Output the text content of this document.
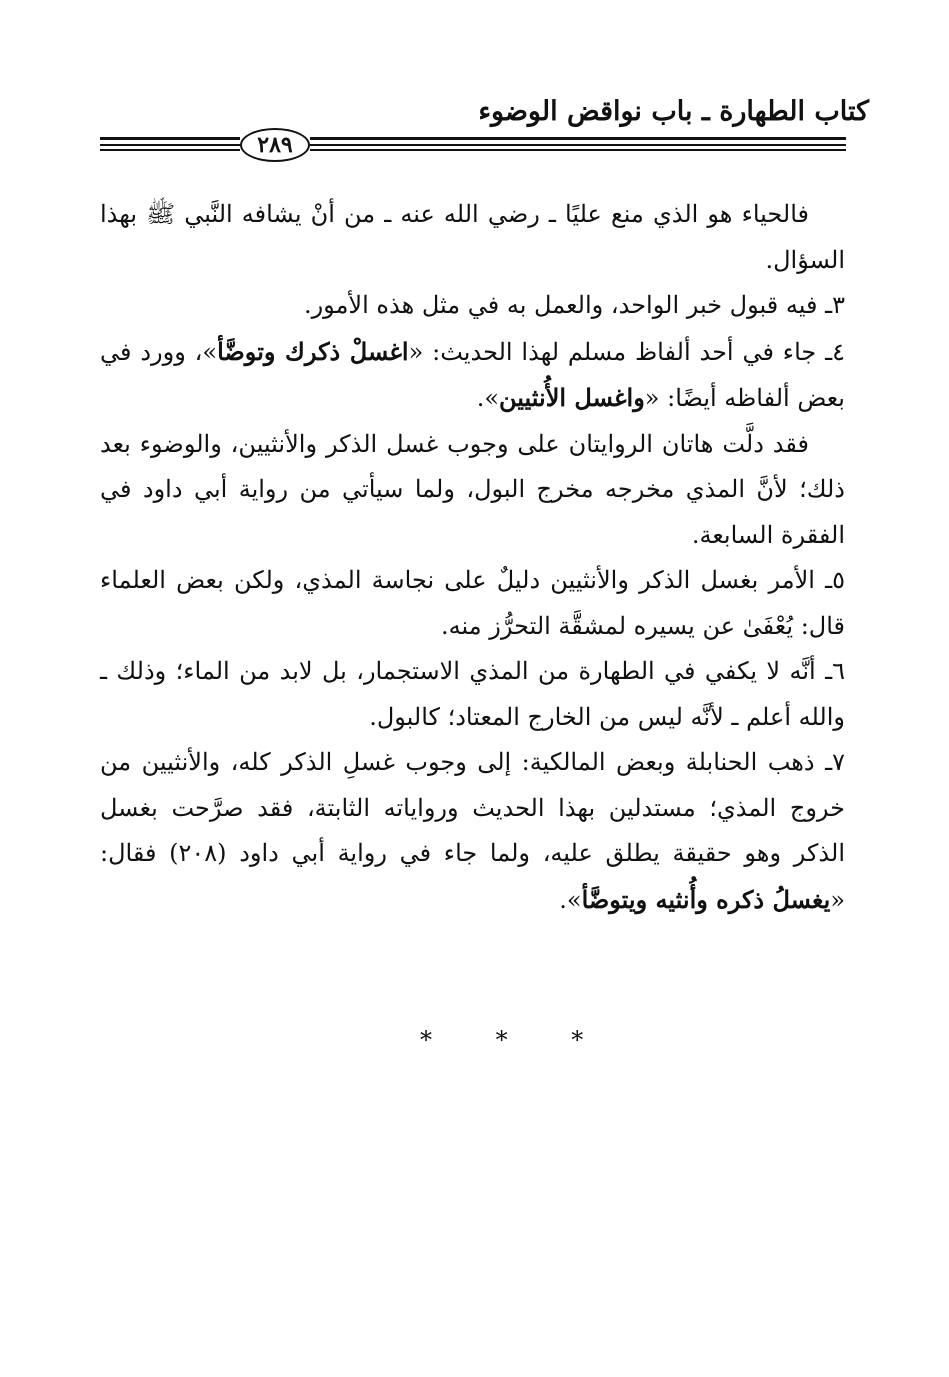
كتاب الطهارة ـ باب نواقض الوضوء
٢٨٩

فالحياء هو الذي منع عليًا ـ رضي الله عنه ـ من أنْ يشافه النَّبي ﷺ بهذا السؤال.

٣ـ فيه قبول خبر الواحد، والعمل به في مثل هذه الأمور.

٤ـ جاء في أحد ألفاظ مسلم لهذا الحديث: «اغسلْ ذكرك وتوضَّأ»، وورد في بعض ألفاظه أيضًا: «واغسل الأُنثيين».

فقد دلَّت هاتان الروايتان على وجوب غسل الذكر والأنثيين، والوضوء بعد ذلك؛ لأنَّ المذي مخرجه مخرج البول، ولما سيأتي من رواية أبي داود في الفقرة السابعة.

٥ـ الأمر بغسل الذكر والأنثيين دليلٌ على نجاسة المذي، ولكن بعض العلماء قال: يُعْفَىٰ عن يسيره لمشقَّة التحرُّز منه.

٦ـ أنَّه لا يكفي في الطهارة من المذي الاستجمار، بل لابد من الماء؛ وذلك ـ والله أعلم ـ لأنَّه ليس من الخارج المعتاد؛ كالبول.

٧ـ ذهب الحنابلة وبعض المالكية: إلى وجوب غسلِ الذكر كله، والأنثيين من خروج المذي؛ مستدلين بهذا الحديث ورواياته الثابتة، فقد صرَّحت بغسل الذكر وهو حقيقة يطلق عليه، ولما جاء في رواية أبي داود (٢٠٨) فقال: «يغسلُ ذكره وأُنثيه ويتوضَّأ».

* * *
